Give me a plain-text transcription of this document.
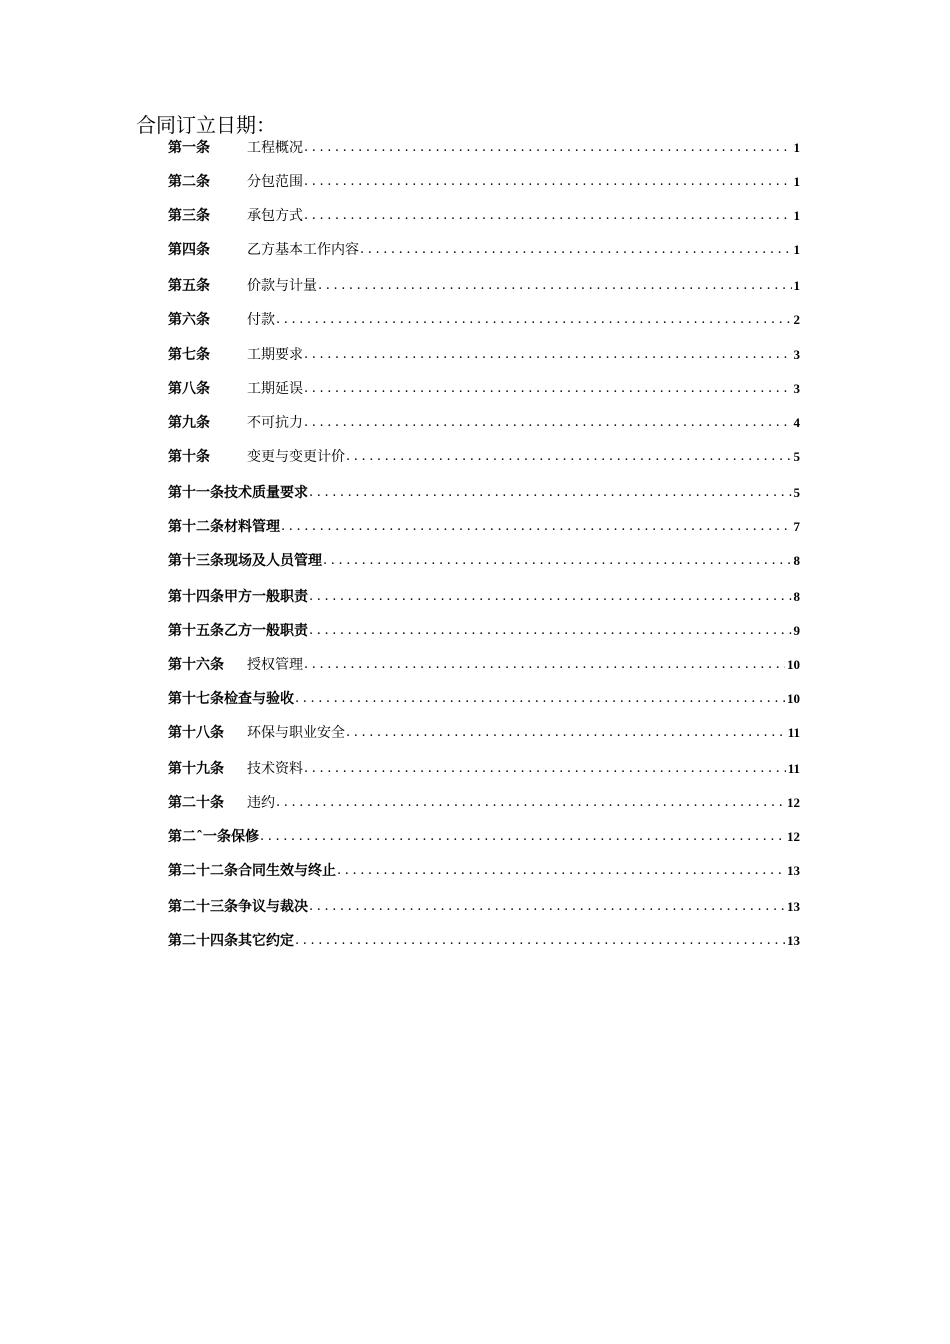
合同订立日期：
第一条	工程概况 .....	1
第二条	分包范围 .....	1
第三条	承包方式 .....	1
第四条	乙方基本工作内容 .....	1
第五条	价款与计量 .....	1
第六条	付款 .....	2
第七条	工期要求 .....	3
第八条	工期延误 .....	3
第九条	不可抗力 .....	4
第十条	变更与变更计价 .....	5
第十一条 技术质量要求 .....	5
第十二条 材料管理 .....	7
第十三条 现场及人员管理 .....	8
第十四条 甲方一般职责 .....	8
第十五条 乙方一般职责 .....	9
第十六条	授权管理 .....	10
第十七条 检查与验收 .....	10
第十八条	环保与职业安全 .....	11
第十九条	技术资料 .....	11
第二十条	违约 .....	12
第二ˆ一条 保修 .....	12
第二十二条 合同生效与终止 .....	13
第二十三条 争议与裁决 .....	13
第二十四条 其它约定 .....	13
